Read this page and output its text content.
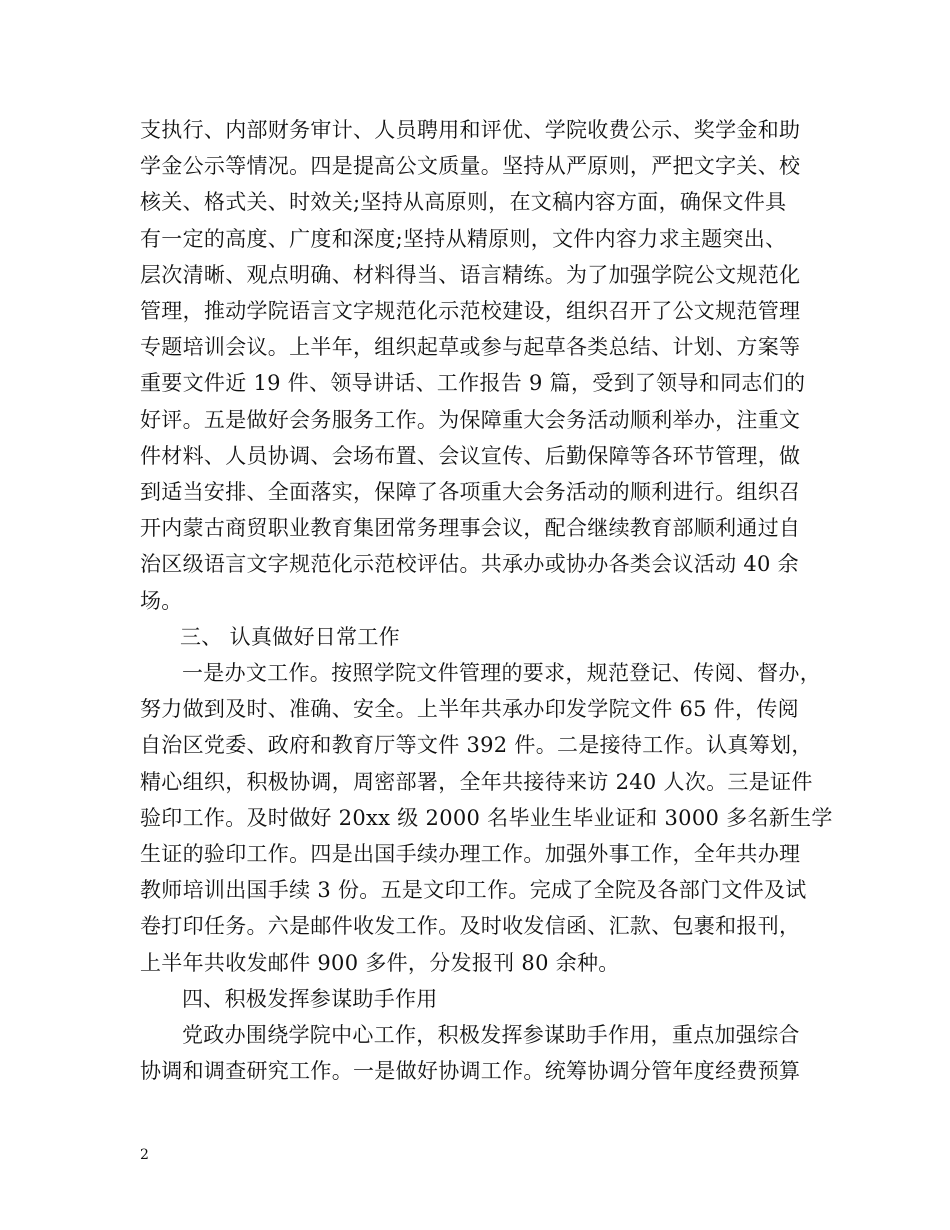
支执行、内部财务审计、人员聘用和评优、学院收费公示、奖学金和助
学金公示等情况。四是提高公文质量。坚持从严原则，严把文字关、校
核关、格式关、时效关;坚持从高原则，在文稿内容方面，确保文件具
有一定的高度、广度和深度;坚持从精原则，文件内容力求主题突出、
层次清晰、观点明确、材料得当、语言精练。为了加强学院公文规范化
管理，推动学院语言文字规范化示范校建设，组织召开了公文规范管理
专题培训会议。上半年，组织起草或参与起草各类总结、计划、方案等
重要文件近 19 件、领导讲话、工作报告 9 篇，受到了领导和同志们的
好评。五是做好会务服务工作。为保障重大会务活动顺利举办，注重文
件材料、人员协调、会场布置、会议宣传、后勤保障等各环节管理，做
到适当安排、全面落实，保障了各项重大会务活动的顺利进行。组织召
开内蒙古商贸职业教育集团常务理事会议，配合继续教育部顺利通过自
治区级语言文字规范化示范校评估。共承办或协办各类会议活动 40 余
场。
三、 认真做好日常工作
一是办文工作。按照学院文件管理的要求，规范登记、传阅、督办，
努力做到及时、准确、安全。上半年共承办印发学院文件 65 件，传阅
自治区党委、政府和教育厅等文件 392 件。二是接待工作。认真筹划，
精心组织，积极协调，周密部署，全年共接待来访 240 人次。三是证件
验印工作。及时做好 20xx 级 2000 名毕业生毕业证和 3000 多名新生学
生证的验印工作。四是出国手续办理工作。加强外事工作，全年共办理
教师培训出国手续 3 份。五是文印工作。完成了全院及各部门文件及试
卷打印任务。六是邮件收发工作。及时收发信函、汇款、包裹和报刊，
上半年共收发邮件 900 多件，分发报刊 80 余种。
四、积极发挥参谋助手作用
党政办围绕学院中心工作，积极发挥参谋助手作用，重点加强综合
协调和调查研究工作。一是做好协调工作。统筹协调分管年度经费预算
2
